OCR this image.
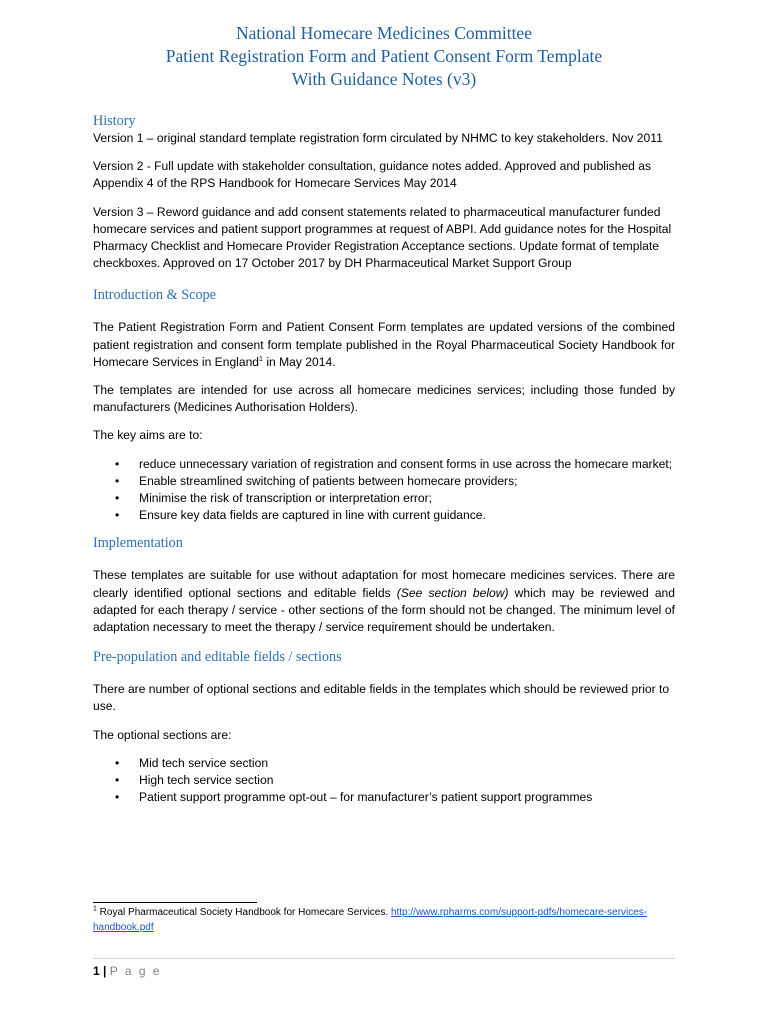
National Homecare Medicines Committee
Patient Registration Form and Patient Consent Form Template
With Guidance Notes (v3)
History

Version 1 – original standard template registration form circulated by NHMC to key stakeholders. Nov 2011

Version 2 - Full update with stakeholder consultation, guidance notes added. Approved and published as Appendix 4 of the RPS Handbook for Homecare Services May 2014

Version 3 – Reword guidance and add consent statements related to pharmaceutical manufacturer funded homecare services and patient support programmes at request of ABPI. Add guidance notes for the Hospital Pharmacy Checklist and Homecare Provider Registration Acceptance sections. Update format of template checkboxes. Approved on 17 October 2017 by DH Pharmaceutical Market Support Group

Introduction & Scope

The Patient Registration Form and Patient Consent Form templates are updated versions of the combined patient registration and consent form template published in the Royal Pharmaceutical Society Handbook for Homecare Services in England$^1$ in May 2014.

The templates are intended for use across all homecare medicines services; including those funded by manufacturers (Medicines Authorisation Holders).

The key aims are to:

• reduce unnecessary variation of registration and consent forms in use across the homecare market;
• Enable streamlined switching of patients between homecare providers;
• Minimise the risk of transcription or interpretation error;
• Ensure key data fields are captured in line with current guidance.
Implementation

These templates are suitable for use without adaptation for most homecare medicines services. There are clearly identified optional sections and editable fields (See section below) which may be reviewed and adapted for each therapy / service - other sections of the form should not be changed. The minimum level of adaptation necessary to meet the therapy / service requirement should be undertaken.

Pre-population and editable fields / sections

There are number of optional sections and editable fields in the templates which should be reviewed prior to use.

The optional sections are:

• Mid tech service section
• High tech service section
• Patient support programme opt-out – for manufacturer’s patient support programmes
$^1$ Royal Pharmaceutical Society Handbook for Homecare Services. http://www.rpharms.com/support-pdfs/homecare-services-handbook.pdf
1 | P a g e
